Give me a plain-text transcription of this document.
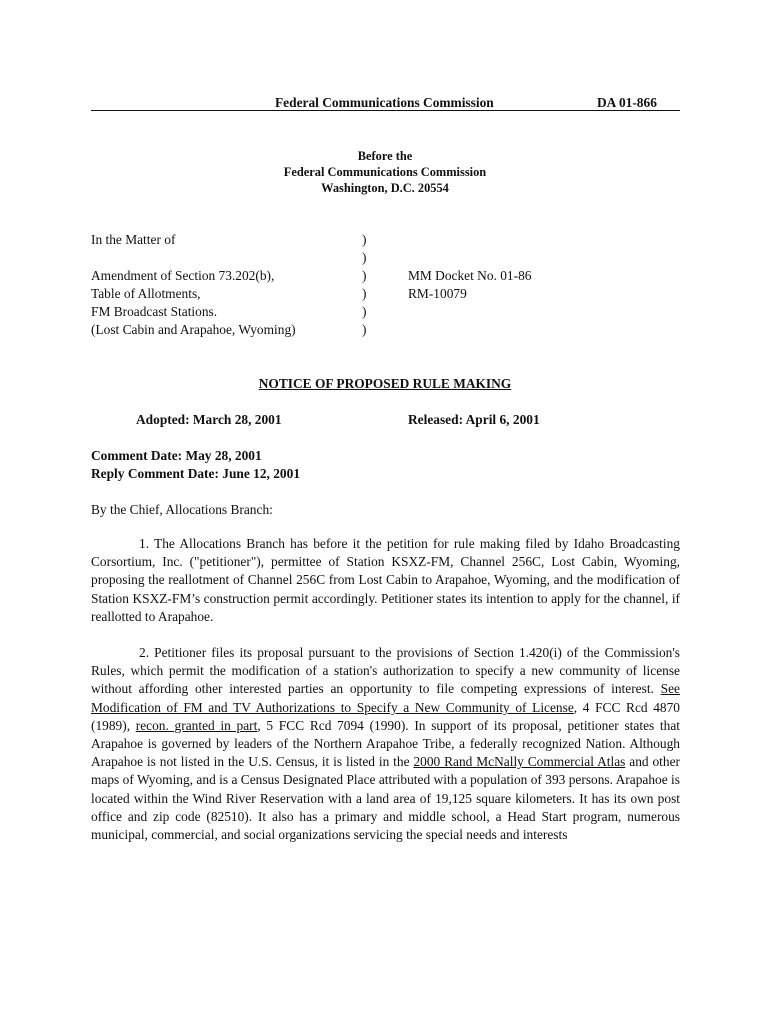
Federal Communications Commission	DA 01-866
Before the
Federal Communications Commission
Washington, D.C. 20554
In the Matter of
Amendment of Section 73.202(b),
Table of Allotments,
FM Broadcast Stations.
(Lost Cabin and Arapahoe, Wyoming)
)
)
)
)
)
)
MM Docket No. 01-86
RM-10079
NOTICE OF PROPOSED RULE MAKING
Adopted: March 28, 2001	Released: April 6, 2001
Comment Date: May 28, 2001
Reply Comment Date: June 12, 2001
By the Chief, Allocations Branch:
1. The Allocations Branch has before it the petition for rule making filed by Idaho Broadcasting Corsortium, Inc. ("petitioner"), permittee of Station KSXZ-FM, Channel 256C, Lost Cabin, Wyoming, proposing the reallotment of Channel 256C from Lost Cabin to Arapahoe, Wyoming, and the modification of Station KSXZ-FM’s construction permit accordingly. Petitioner states its intention to apply for the channel, if reallotted to Arapahoe.
2. Petitioner files its proposal pursuant to the provisions of Section 1.420(i) of the Commission's Rules, which permit the modification of a station's authorization to specify a new community of license without affording other interested parties an opportunity to file competing expressions of interest. See Modification of FM and TV Authorizations to Specify a New Community of License, 4 FCC Rcd 4870 (1989), recon. granted in part, 5 FCC Rcd 7094 (1990). In support of its proposal, petitioner states that Arapahoe is governed by leaders of the Northern Arapahoe Tribe, a federally recognized Nation. Although Arapahoe is not listed in the U.S. Census, it is listed in the 2000 Rand McNally Commercial Atlas and other maps of Wyoming, and is a Census Designated Place attributed with a population of 393 persons. Arapahoe is located within the Wind River Reservation with a land area of 19,125 square kilometers. It has its own post office and zip code (82510). It also has a primary and middle school, a Head Start program, numerous municipal, commercial, and social organizations servicing the special needs and interests
